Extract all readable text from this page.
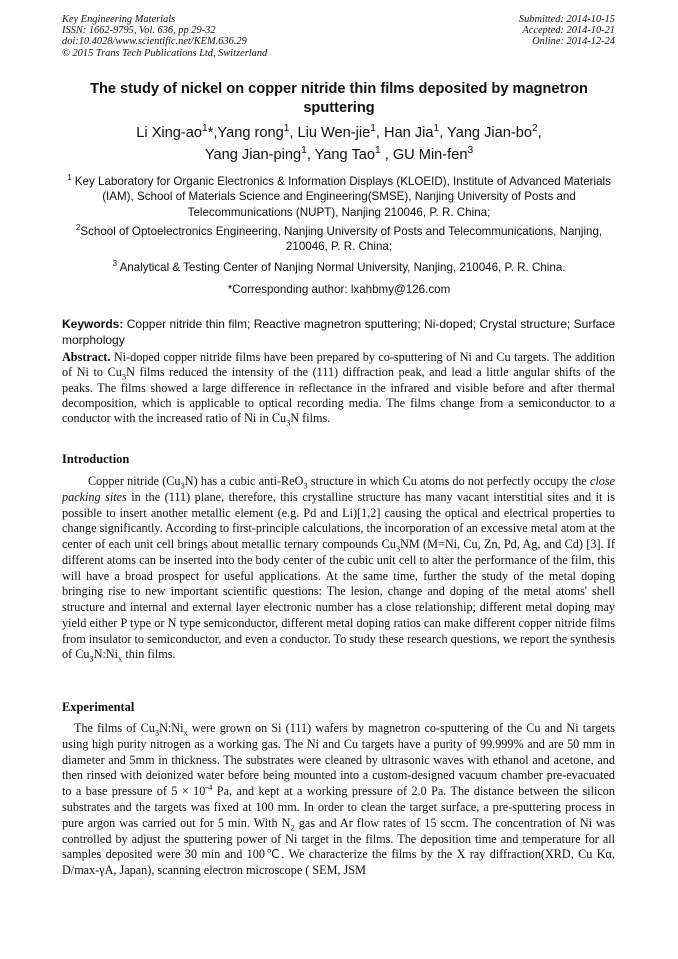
Key Engineering Materials
ISSN: 1662-9795, Vol. 636, pp 29-32
doi:10.4028/www.scientific.net/KEM.636.29
© 2015 Trans Tech Publications Ltd, Switzerland
Submitted: 2014-10-15
Accepted: 2014-10-21
Online: 2014-12-24
The study of nickel on copper nitride thin films deposited by magnetron sputtering
Li Xing-$ao^1*,Yang$ rong$^1$, Liu Wen-jie$^1$, Han Jia$^1$, Yang Jian-$bo^2$,
Yang Jian-ping$^1$, Yang Tao$^1$ , GU Min-fen$^3$
$^1$ Key Laboratory for Organic Electronics & Information Displays (KLOEID), Institute of Advanced Materials (IAM), School of Materials Science and Engineering(SMSE), Nanjing University of Posts and Telecommunications (NUPT), Nanjing 210046, P. R. China;
$^2$School of Optoelectronics Engineering, Nanjing University of Posts and Telecommunications, Nanjing, 210046, P. R. China;
$^3$ Analytical & Testing Center of Nanjing Normal University, Nanjing, 210046, P. R. China.
*Corresponding author: lxahbmy@126.com
Keywords: Copper nitride thin film; Reactive magnetron sputtering; Ni-doped; Crystal structure; Surface morphology
Abstract. Ni-doped copper nitride films have been prepared by co-sputtering of Ni and Cu targets. The addition of Ni to $Cu_3N$ films reduced the intensity of the (111) diffraction peak, and lead a little angular shifts of the peaks. The films showed a large difference in reflectance in the infrared and visible before and after thermal decomposition, which is applicable to optical recording media. The films change from a semiconductor to a conductor with the increased ratio of Ni in $Cu_3N$ films.
Introduction
Copper nitride $(Cu_3N)$ has a cubic anti-ReO$_3$ structure in which Cu atoms do not perfectly occupy the close packing sites in the (111) plane, therefore, this crystalline structure has many vacant interstitial sites and it is possible to insert another metallic element (e.g. Pd and Li)[1,2] causing the optical and electrical properties to change significantly. According to first-principle calculations, the incorporation of an excessive metal atom at the center of each unit cell brings about metallic ternary compounds $Cu_3NM$ (M=Ni, Cu, Zn, Pd, Ag, and Cd) [3]. If different atoms can be inserted into the body center of the cubic unit cell to alter the performance of the film, this will have a broad prospect for useful applications. At the same time, further the study of the metal doping bringing rise to new important scientific questions: The lesion, change and doping of the metal atoms' shell structure and internal and external layer electronic number has a close relationship; different metal doping may yield either P type or N type semiconductor, different metal doping ratios can make different copper nitride films from insulator to semiconductor, and even a conductor. To study these research questions, we report the synthesis of $Cu_3N:Ni_x$ thin films.
Experimental
The films of $Cu_3N:Ni_x$ were grown on Si (111) wafers by magnetron co-sputtering of the Cu and Ni targets using high purity nitrogen as a working gas. The Ni and Cu targets have a purity of 99.999% and are 50 mm in diameter and 5mm in thickness. The substrates were cleaned by ultrasonic waves with ethanol and acetone, and then rinsed with deionized water before being mounted into a custom-designed vacuum chamber pre-evacuated to a base pressure of $5 \times 10^{-4}$ Pa, and kept at a working pressure of 2.0 Pa. The distance between the silicon substrates and the targets was fixed at 100 mm. In order to clean the target surface, a pre-sputtering process in pure argon was carried out for 5 min. With $N_2$ gas and Ar flow rates of 15 sccm. The concentration of Ni was controlled by adjust the sputtering power of Ni target in the films. The deposition time and temperature for all samples deposited were 30 min and 100℃. We characterize the films by the X ray diffraction(XRD, Cu Kα, D/max-γA, Japan), scanning electron microscope ( SEM, JSM
